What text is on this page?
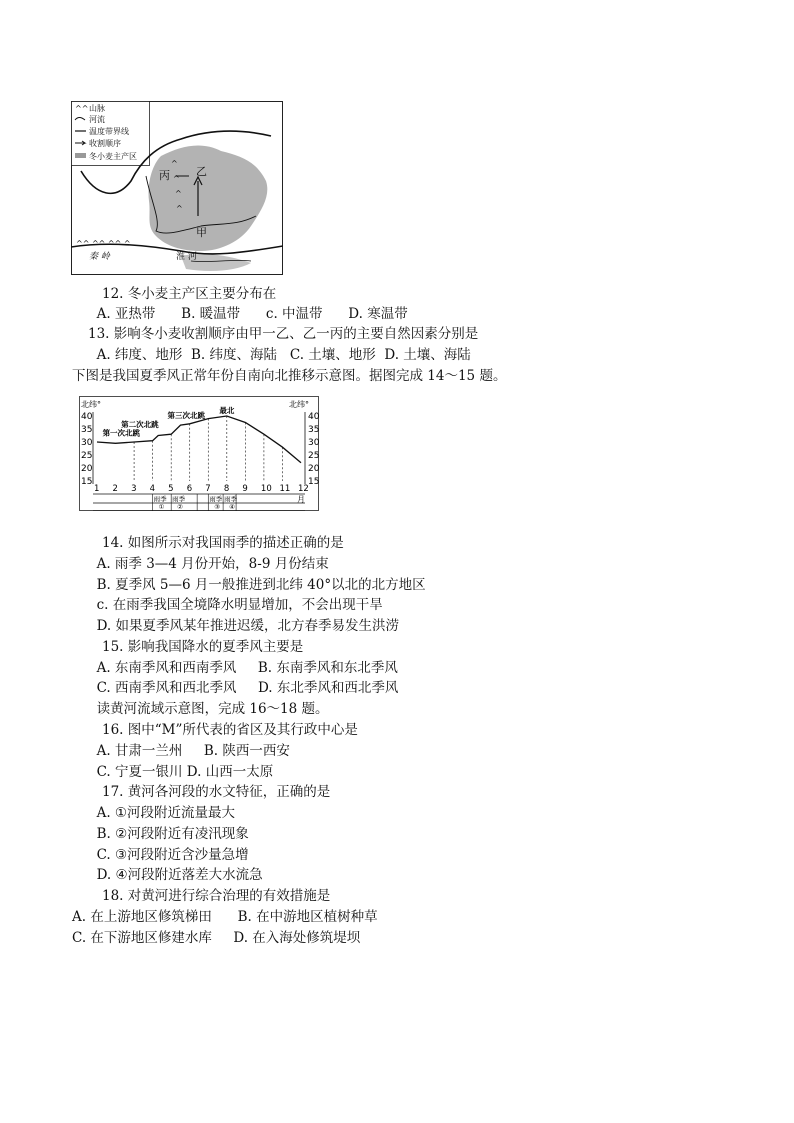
^^ 山脉
河流
温度带界线
收割顺序
冬小麦主产区
^
^
^
^
^^ ^^ ^^ ^
丙 乙
甲
秦 岭	淮 河
12. 冬小麦主产区主要分布在
A. 亚热带      B. 暖温带      c. 中温带      D. 寒温带
13. 影响冬小麦收割顺序由甲一乙、乙一丙的主要自然因素分别是
A. 纬度、地形  B. 纬度、海陆   C. 土壤、地形  D. 土壤、海陆
下图是我国夏季风正常年份自南向北推移示意图。据图完成 14～15 题。
北纬°	北纬°
40	40
35	35
30	30
25	25
20	20
15	15
1 2 3 4 5 6 7 8 9 10 11 12
第一次北跳
第二次北跳
第三次北跳
最北
月
雨季
①
雨季
②
雨季
③
雨季
④
14. 如图所示对我国雨季的描述正确的是
A. 雨季 3—4 月份开始，8-9 月份结束
B. 夏季风 5—6 月一般推进到北纬 40°以北的北方地区
c. 在雨季我国全境降水明显增加，不会出现干旱
D. 如果夏季风某年推进迟缓，北方春季易发生洪涝
15. 影响我国降水的夏季风主要是
A. 东南季风和西南季风     B. 东南季风和东北季风
C. 西南季风和西北季风     D. 东北季风和西北季风
读黄河流域示意图，完成 16～18 题。
16. 图中“M”所代表的省区及其行政中心是
A. 甘肃一兰州     B. 陕西一西安
C. 宁夏一银川 D. 山西一太原
17. 黄河各河段的水文特征，正确的是
A. ①河段附近流量最大
B. ②河段附近有凌汛现象
C. ③河段附近含沙量急增
D. ④河段附近落差大水流急
18. 对黄河进行综合治理的有效措施是
A. 在上游地区修筑梯田      B. 在中游地区植树种草
C. 在下游地区修建水库     D. 在入海处修筑堤坝
